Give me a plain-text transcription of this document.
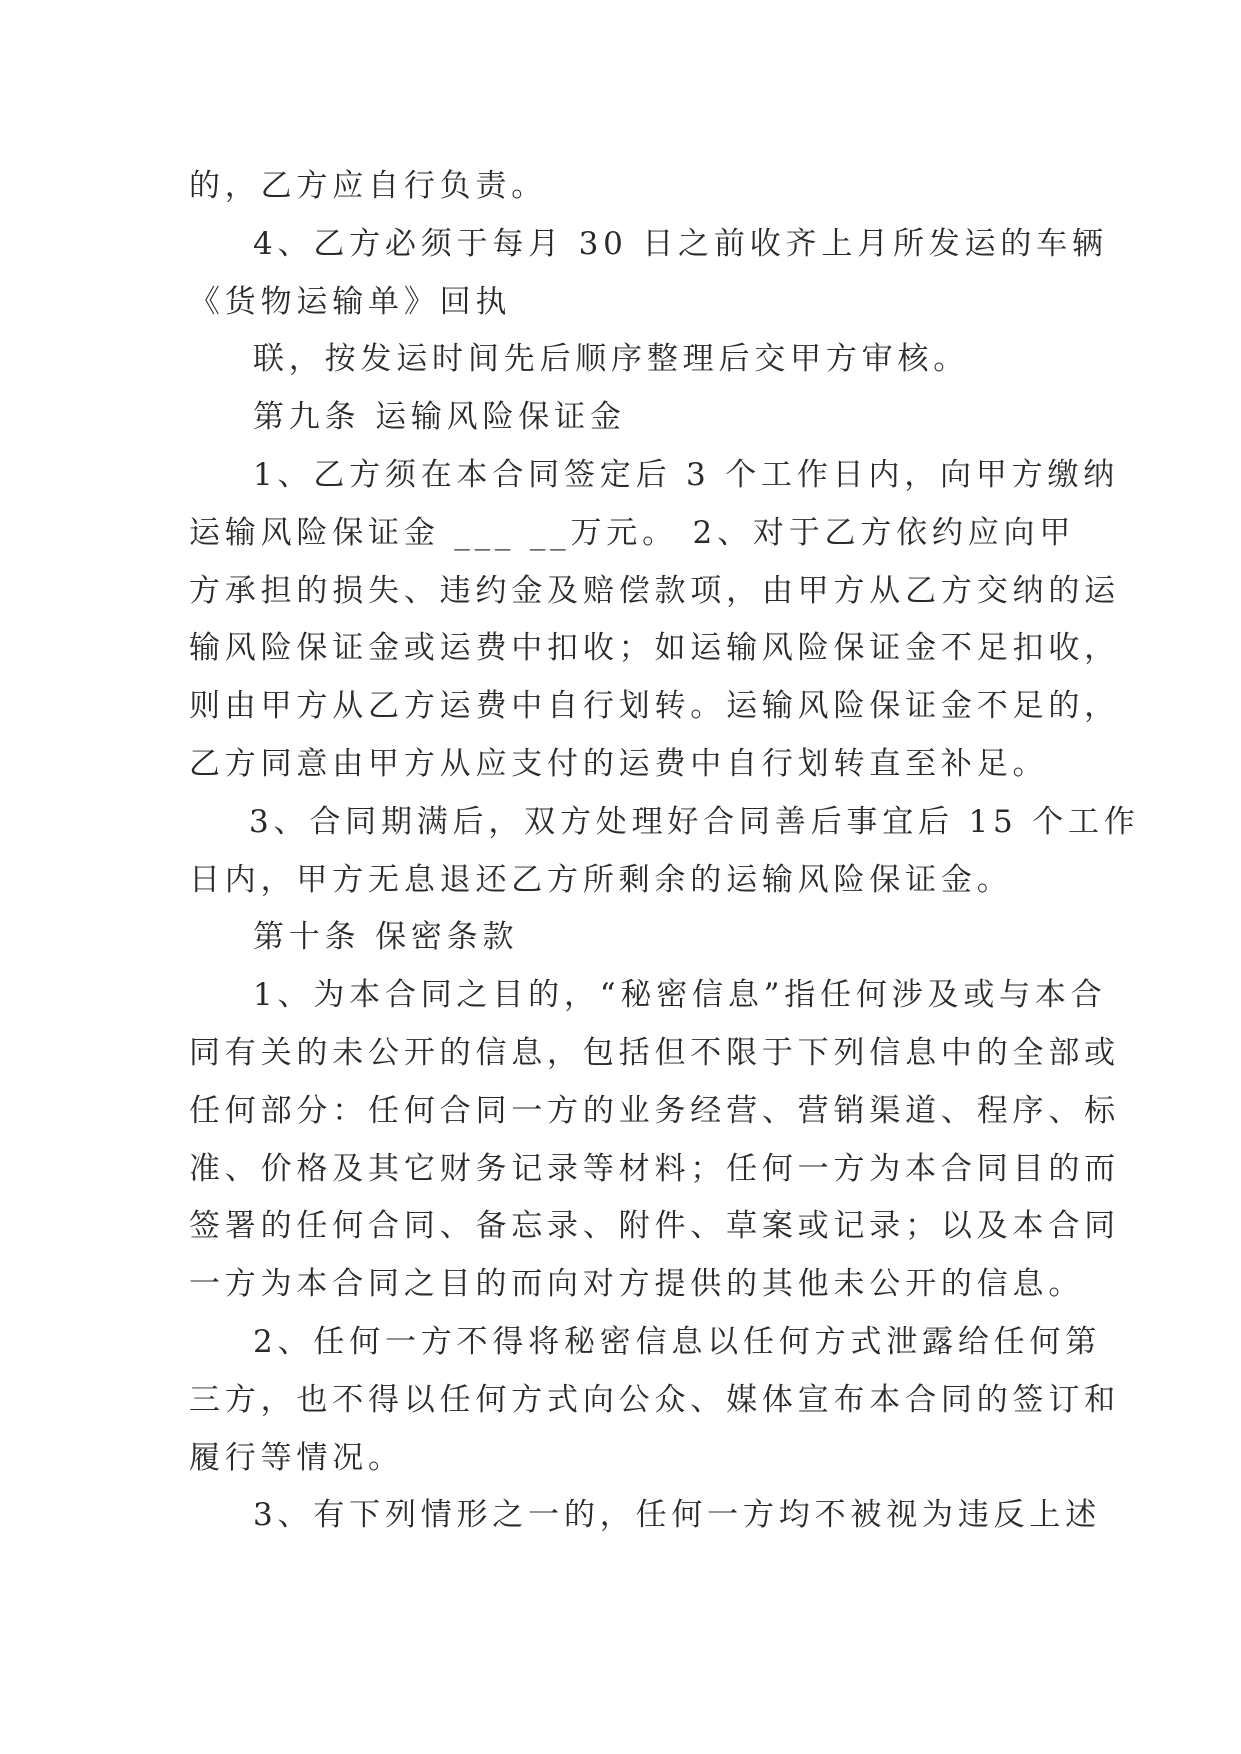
的，乙方应自行负责。

4、乙方必须于每月 30 日之前收齐上月所发运的车辆

《货物运输单》回执

联，按发运时间先后顺序整理后交甲方审核。

第九条 运输风险保证金

1、乙方须在本合同签定后 3 个工作日内，向甲方缴纳

运输风险保证金 ___ __万元。 2、对于乙方依约应向甲

方承担的损失、违约金及赔偿款项，由甲方从乙方交纳的运

输风险保证金或运费中扣收；如运输风险保证金不足扣收，

则由甲方从乙方运费中自行划转。运输风险保证金不足的，

乙方同意由甲方从应支付的运费中自行划转直至补足。

3、合同期满后，双方处理好合同善后事宜后 15 个工作

日内，甲方无息退还乙方所剩余的运输风险保证金。

第十条 保密条款

1、为本合同之目的，“秘密信息”指任何涉及或与本合

同有关的未公开的信息，包括但不限于下列信息中的全部或

任何部分：任何合同一方的业务经营、营销渠道、程序、标

准、价格及其它财务记录等材料；任何一方为本合同目的而

签署的任何合同、备忘录、附件、草案或记录；以及本合同

一方为本合同之目的而向对方提供的其他未公开的信息。

2、任何一方不得将秘密信息以任何方式泄露给任何第

三方，也不得以任何方式向公众、媒体宣布本合同的签订和

履行等情况。

3、有下列情形之一的，任何一方均不被视为违反上述
